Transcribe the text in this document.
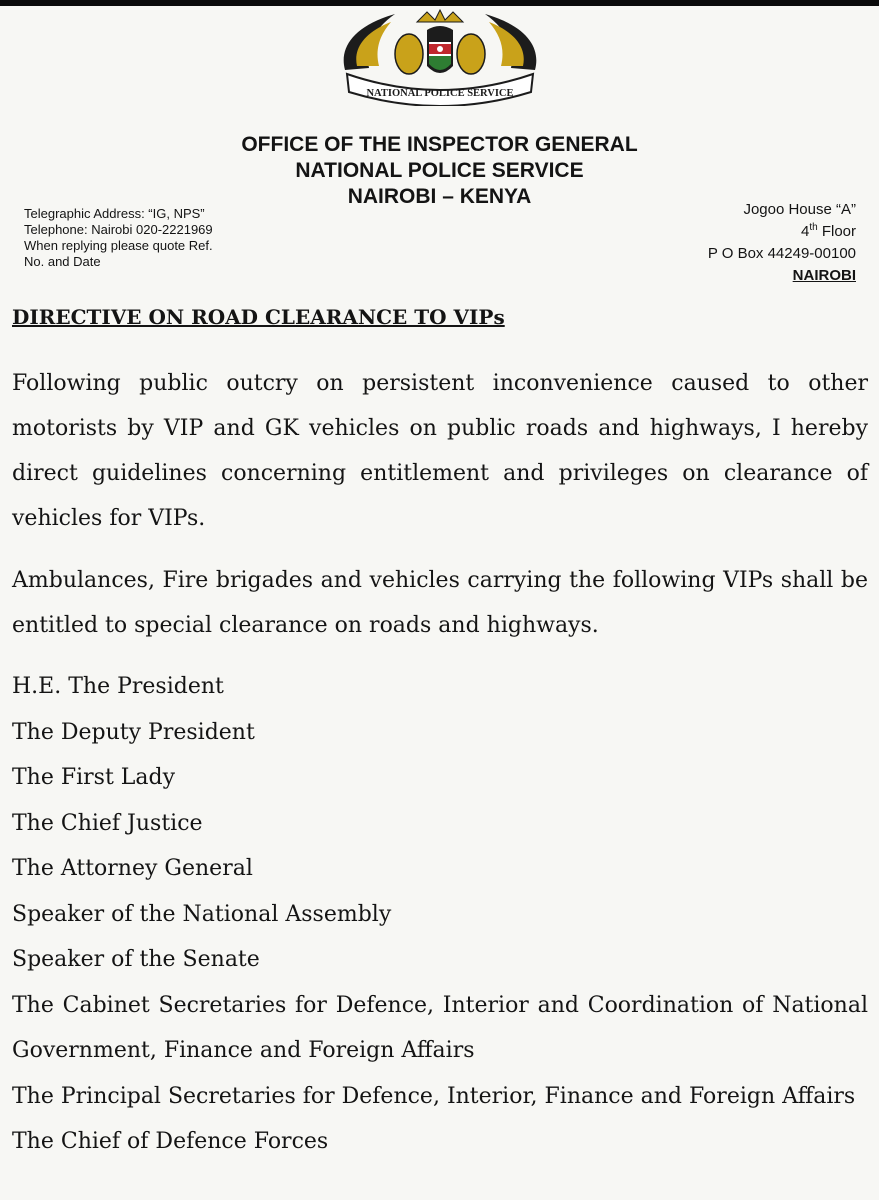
NATIONAL POLICE SERVICE
OFFICE OF THE INSPECTOR GENERAL
NATIONAL POLICE SERVICE
NAIROBI – KENYA
Telegraphic Address: “IG, NPS”
Telephone: Nairobi 020-2221969
When replying please quote Ref.
No. and Date
Jogoo House “A”
4th Floor
P O Box 44249-00100
NAIROBI
DIRECTIVE ON ROAD CLEARANCE TO VIPs
Following public outcry on persistent inconvenience caused to other motorists by VIP and GK vehicles on public roads and highways, I hereby direct guidelines concerning entitlement and privileges on clearance of vehicles for VIPs.
Ambulances, Fire brigades and vehicles carrying the following VIPs shall be entitled to special clearance on roads and highways.
H.E. The President
The Deputy President
The First Lady
The Chief Justice
The Attorney General
Speaker of the National Assembly
Speaker of the Senate
The Cabinet Secretaries for Defence, Interior and Coordination of National Government, Finance and Foreign Affairs
The Principal Secretaries for Defence, Interior, Finance and Foreign Affairs
The Chief of Defence Forces
